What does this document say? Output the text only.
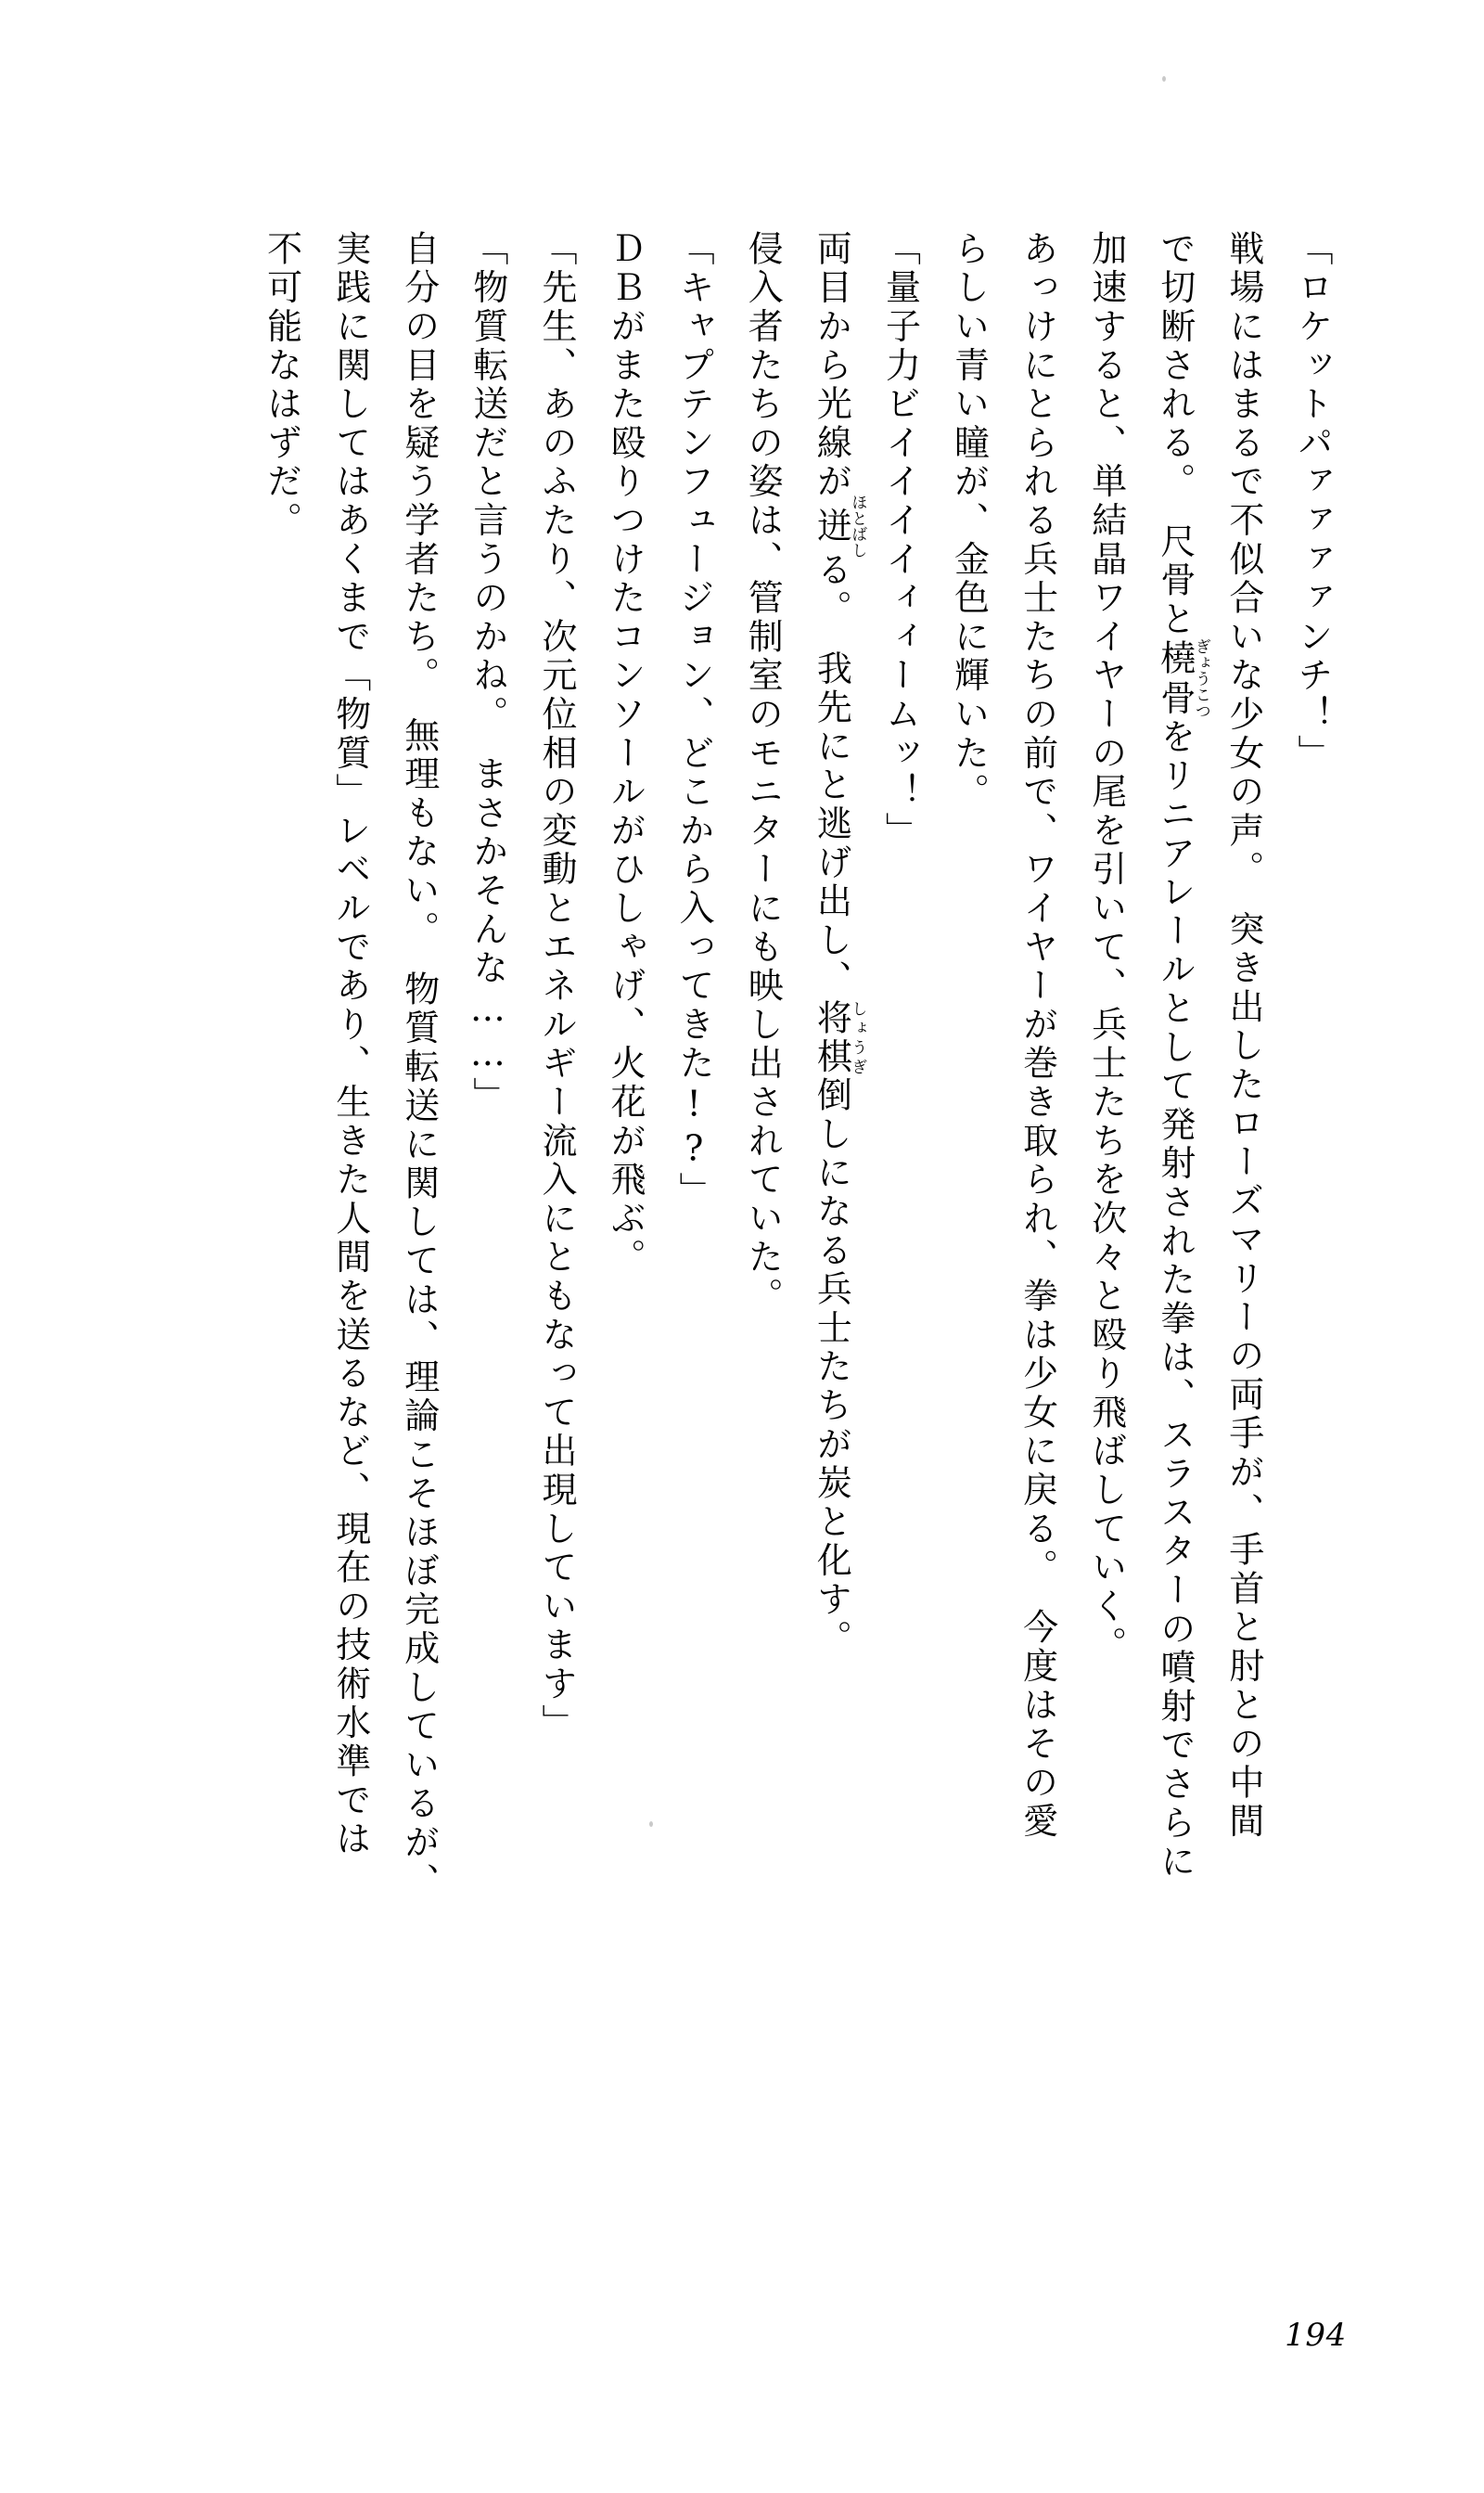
「ロケットパァァァァンチ！」
戦場にはまるで不似合いな少女の声。　突き出したローズマリーの両手が、手首と肘との中間
で切断される。　尺骨と橈骨ぎょうこつをリニアレールとして発射された拳は、スラスターの噴射でさらに
加速すると、単結晶ワイヤーの尾を引いて、兵士たちを次々と殴り飛ばしていく。
あっけにとられる兵士たちの前で、ワイヤーが巻き取られ、拳は少女に戻る。　今度はその愛
らしい青い瞳が、金色に輝いた。
「量子力ビイイイイィィームッ！」
両目から光線が迸ほとばしる。　我先にと逃げ出し、将棋しょうぎ倒しになる兵士たちが炭と化す。
侵入者たちの姿は、管制室のモニターにも映し出されていた。
「キャプテンフュージョン、どこから入ってきた!?」
ＤＢがまた殴りつけたコンソールがひしゃげ、火花が飛ぶ。
「先生、あのふたり、次元位相の変動とエネルギー流入にともなって出現しています」
「物質転送だと言うのかね。　まさかそんな……」
自分の目を疑う学者たち。　無理もない。　物質転送に関しては、理論こそほぼ完成しているが、
実践に関してはあくまで「物質」レベルであり、生きた人間を送るなど、現在の技術水準では
不可能なはずだ。
194
